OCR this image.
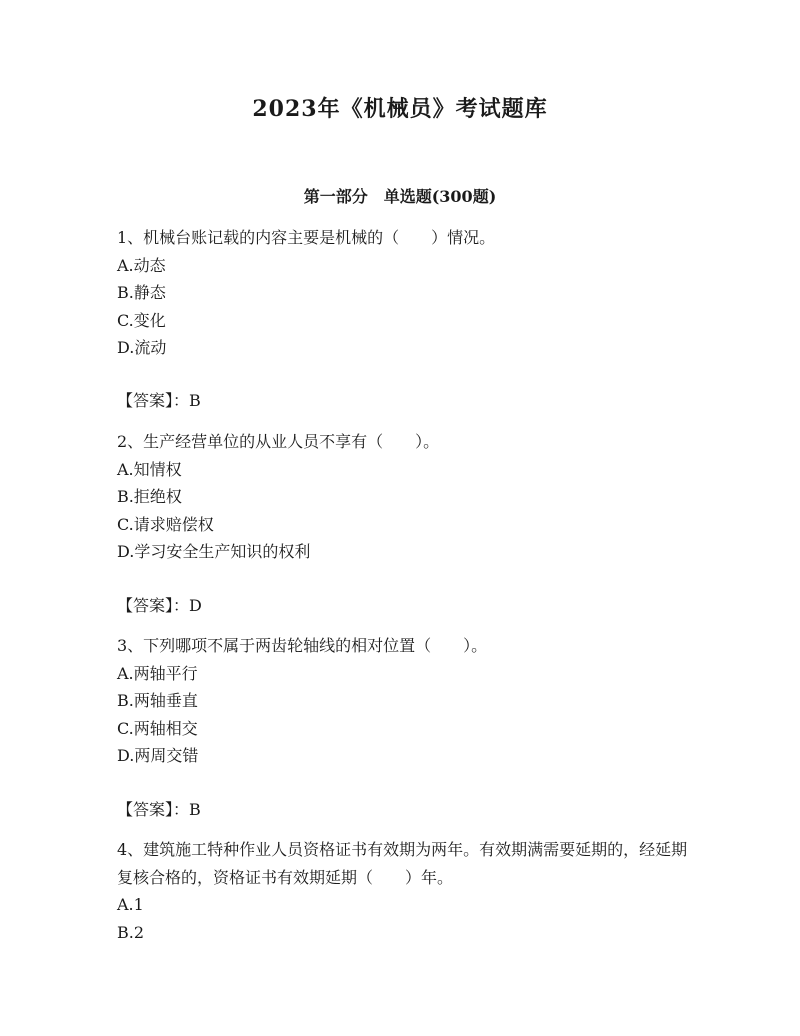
2023年《机械员》考试题库
第一部分　单选题(300题)

1、机械台账记载的内容主要是机械的（　　）情况。

A.动态

B.静态

C.变化

D.流动

【答案】：B

2、生产经营单位的从业人员不享有（　　）。

A.知情权

B.拒绝权

C.请求赔偿权

D.学习安全生产知识的权利

【答案】：D

3、下列哪项不属于两齿轮轴线的相对位置（　　）。

A.两轴平行

B.两轴垂直

C.两轴相交

D.两周交错

【答案】：B

4、建筑施工特种作业人员资格证书有效期为两年。有效期满需要延期的，经延期复核合格的，资格证书有效期延期（　　）年。

A.1

B.2
